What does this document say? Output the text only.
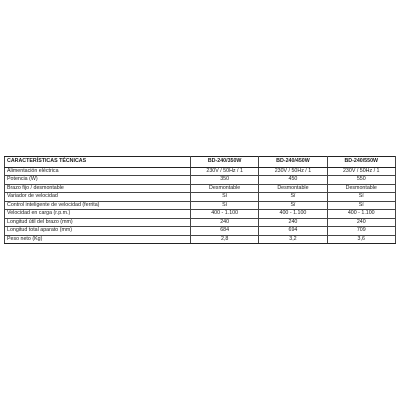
CARACTERÍSTICAS TÉCNICAS	BD-240/350W	BD-240/450W	BD-240/550W
Alimentación eléctrica	230V / 50Hz / 1	230V / 50Hz / 1	230V / 50Hz / 1
Potencia (W)	350	450	550
Brazo fijo / desmontable	Desmontable	Desmontable	Desmontable
Variador de velocidad	Sí	Sí	Sí
Control inteligente de velocidad (ferrita)	Sí	Sí	Sí
Velocidad en carga (r.p.m.)	400 - 1.100	400 - 1.100	400 - 1.100
Longitud útil del brazo (mm)	240	240	240
Longitud total aparato (mm)	684	694	709
Peso neto (Kg)	2,8	3,2	3,6
